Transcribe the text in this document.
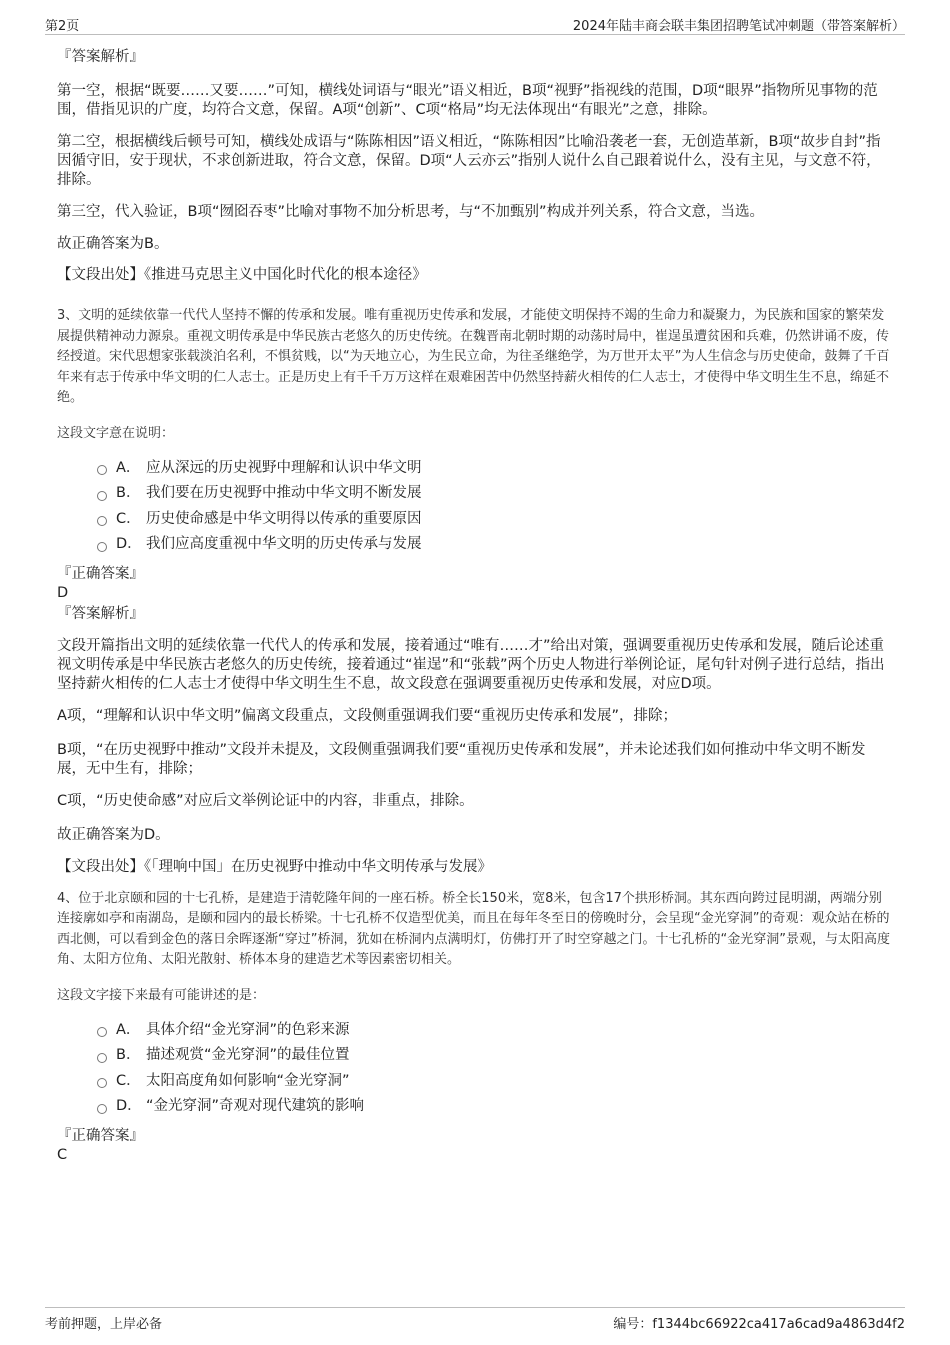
第2页	2024年陆丰商会联丰集团招聘笔试冲刺题（带答案解析）

『答案解析』

第一空，根据“既要……又要……”可知，横线处词语与“眼光”语义相近，B项“视野”指视线的范围，D项“眼界”指物所见事物的范围，借指见识的广度，均符合文意，保留。A项“创新”、C项“格局”均无法体现出“有眼光”之意，排除。

第二空，根据横线后顿号可知，横线处成语与“陈陈相因”语义相近，“陈陈相因”比喻沿袭老一套，无创造革新，B项“故步自封”指因循守旧，安于现状，不求创新进取，符合文意，保留。D项“人云亦云”指别人说什么自己跟着说什么，没有主见，与文意不符，排除。

第三空，代入验证，B项“囫囵吞枣”比喻对事物不加分析思考，与“不加甄别”构成并列关系，符合文意，当选。

故正确答案为B。

【文段出处】《推进马克思主义中国化时代化的根本途径》

3、文明的延续依靠一代代人坚持不懈的传承和发展。唯有重视历史传承和发展，才能使文明保持不竭的生命力和凝聚力，为民族和国家的繁荣发展提供精神动力源泉。重视文明传承是中华民族古老悠久的历史传统。在魏晋南北朝时期的动荡时局中，崔逞虽遭贫困和兵难，仍然讲诵不废，传经授道。宋代思想家张载淡泊名利，不惧贫贱，以“为天地立心，为生民立命，为往圣继绝学，为万世开太平”为人生信念与历史使命，鼓舞了千百年来有志于传承中华文明的仁人志士。正是历史上有千千万万这样在艰难困苦中仍然坚持薪火相传的仁人志士，才使得中华文明生生不息，绵延不绝。

这段文字意在说明：

A． 应从深远的历史视野中理解和认识中华文明
B． 我们要在历史视野中推动中华文明不断发展
C． 历史使命感是中华文明得以传承的重要原因
D． 我们应高度重视中华文明的历史传承与发展

『正确答案』

D

『答案解析』

文段开篇指出文明的延续依靠一代代人的传承和发展，接着通过“唯有……才”给出对策，强调要重视历史传承和发展，随后论述重视文明传承是中华民族古老悠久的历史传统，接着通过“崔逞”和“张载”两个历史人物进行举例论证，尾句针对例子进行总结，指出坚持薪火相传的仁人志士才使得中华文明生生不息，故文段意在强调要重视历史传承和发展，对应D项。

A项，“理解和认识中华文明”偏离文段重点，文段侧重强调我们要“重视历史传承和发展”，排除；

B项，“在历史视野中推动”文段并未提及，文段侧重强调我们要“重视历史传承和发展”，并未论述我们如何推动中华文明不断发展，无中生有，排除；

C项，“历史使命感”对应后文举例论证中的内容，非重点，排除。

故正确答案为D。

【文段出处】《「理响中国」在历史视野中推动中华文明传承与发展》

4、位于北京颐和园的十七孔桥，是建造于清乾隆年间的一座石桥。桥全长150米，宽8米，包含17个拱形桥洞。其东西向跨过昆明湖，两端分别连接廓如亭和南湖岛，是颐和园内的最长桥梁。十七孔桥不仅造型优美，而且在每年冬至日的傍晚时分，会呈现“金光穿洞”的奇观：观众站在桥的西北侧，可以看到金色的落日余晖逐渐“穿过”桥洞，犹如在桥洞内点满明灯，仿佛打开了时空穿越之门。十七孔桥的“金光穿洞”景观，与太阳高度角、太阳方位角、太阳光散射、桥体本身的建造艺术等因素密切相关。

这段文字接下来最有可能讲述的是：

A． 具体介绍“金光穿洞”的色彩来源
B． 描述观赏“金光穿洞”的最佳位置
C． 太阳高度角如何影响“金光穿洞”
D． “金光穿洞”奇观对现代建筑的影响

『正确答案』

C

考前押题，上岸必备	编号：f1344bc66922ca417a6cad9a4863d4f2
